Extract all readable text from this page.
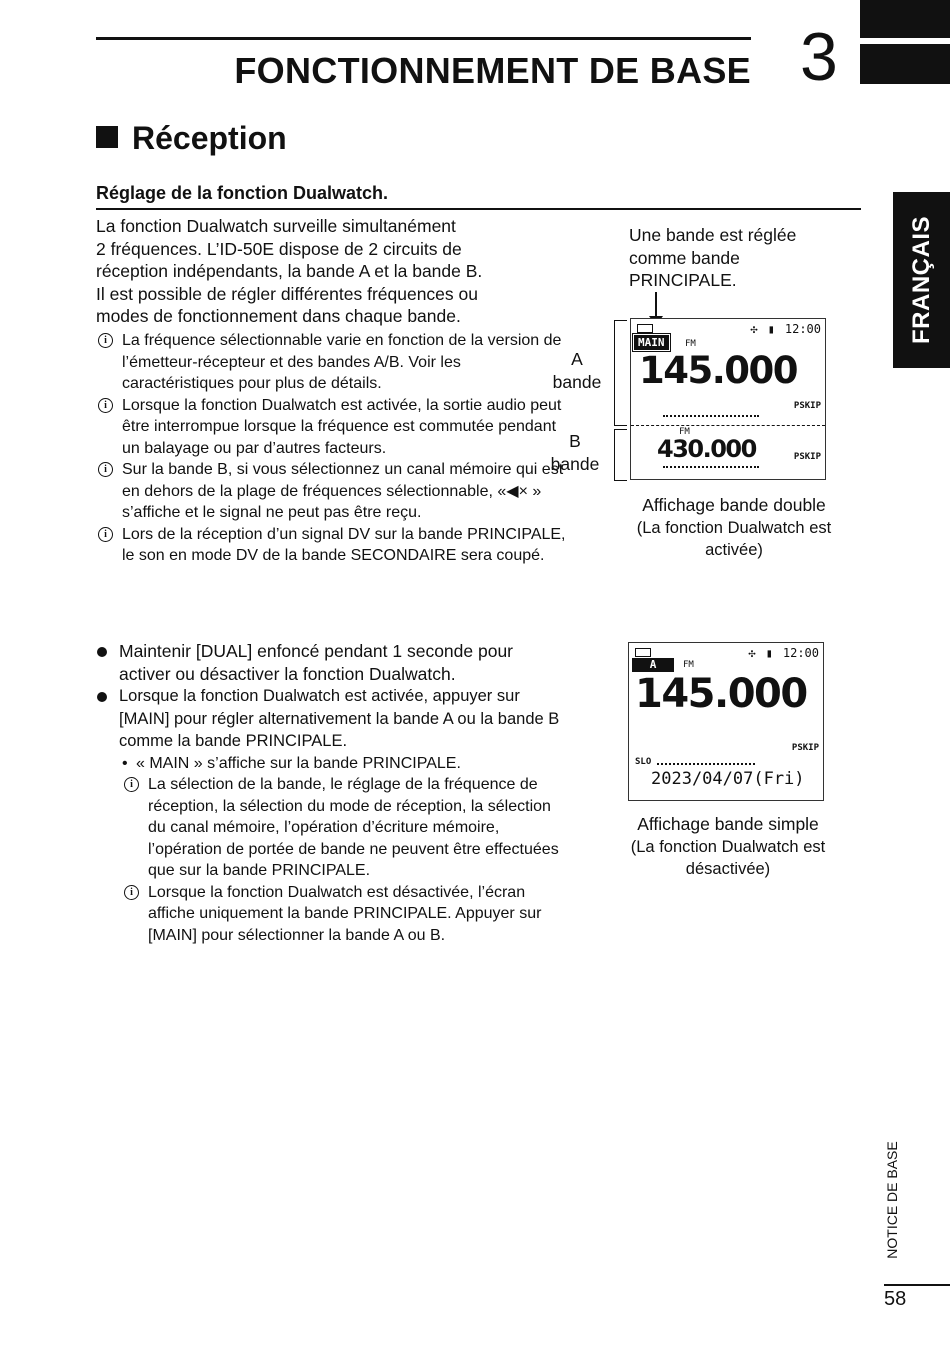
FONCTIONNEMENT DE BASE 3
FRANÇAIS
Réception
Réglage de la fonction Dualwatch.

La fonction Dualwatch surveille simultanément

2 fréquences. L’ID-50E dispose de 2 circuits de

réception indépendants, la bande A et la bande B.

Il est possible de régler différentes fréquences ou

modes de fonctionnement dans chaque bande.

i La fréquence sélectionnable varie en fonction de la version de l’émetteur-récepteur et des bandes A/B. Voir les caractéristiques pour plus de détails.

i Lorsque la fonction Dualwatch est activée, la sortie audio peut être interrompue lorsque la fréquence est commutée pendant un balayage ou par d’autres facteurs.

i Sur la bande B, si vous sélectionnez un canal mémoire qui est en dehors de la plage de fréquences sélectionnable, «◀× » s’affiche et le signal ne peut pas être reçu.

i Lors de la réception d’un signal DV sur la bande PRINCIPALE, le son en mode DV de la bande SECONDAIRE sera coupé.

Maintenir [DUAL] enfoncé pendant 1 seconde pour activer ou désactiver la fonction Dualwatch.

Lorsque la fonction Dualwatch est activée, appuyer sur [MAIN] pour régler alternativement la bande A ou la bande B comme la bande PRINCIPALE.

• « MAIN » s’affiche sur la bande PRINCIPALE.

i La sélection de la bande, le réglage de la fréquence de réception, la sélection du mode de réception, la sélection du canal mémoire, l’opération d’écriture mémoire, l’opération de portée de bande ne peuvent être effectuées que sur la bande PRINCIPALE.

i Lorsque la fonction Dualwatch est désactivée, l’écran affiche uniquement la bande PRINCIPALE. Appuyer sur [MAIN] pour sélectionner la bande A ou B.

Une bande est réglée comme bande PRINCIPALE.
A
bande
B
bande
✣ ▮ 12:00
MAIN	FM
145.000
PSKIP
FM
430.000	PSKIP
Affichage bande double
(La fonction Dualwatch est activée)
✣ ▮ 12:00
A	FM
145.000
PSKIP
SLO
2023/04/07(Fri)
Affichage bande simple
(La fonction Dualwatch est désactivée)
NOTICE DE BASE
58
